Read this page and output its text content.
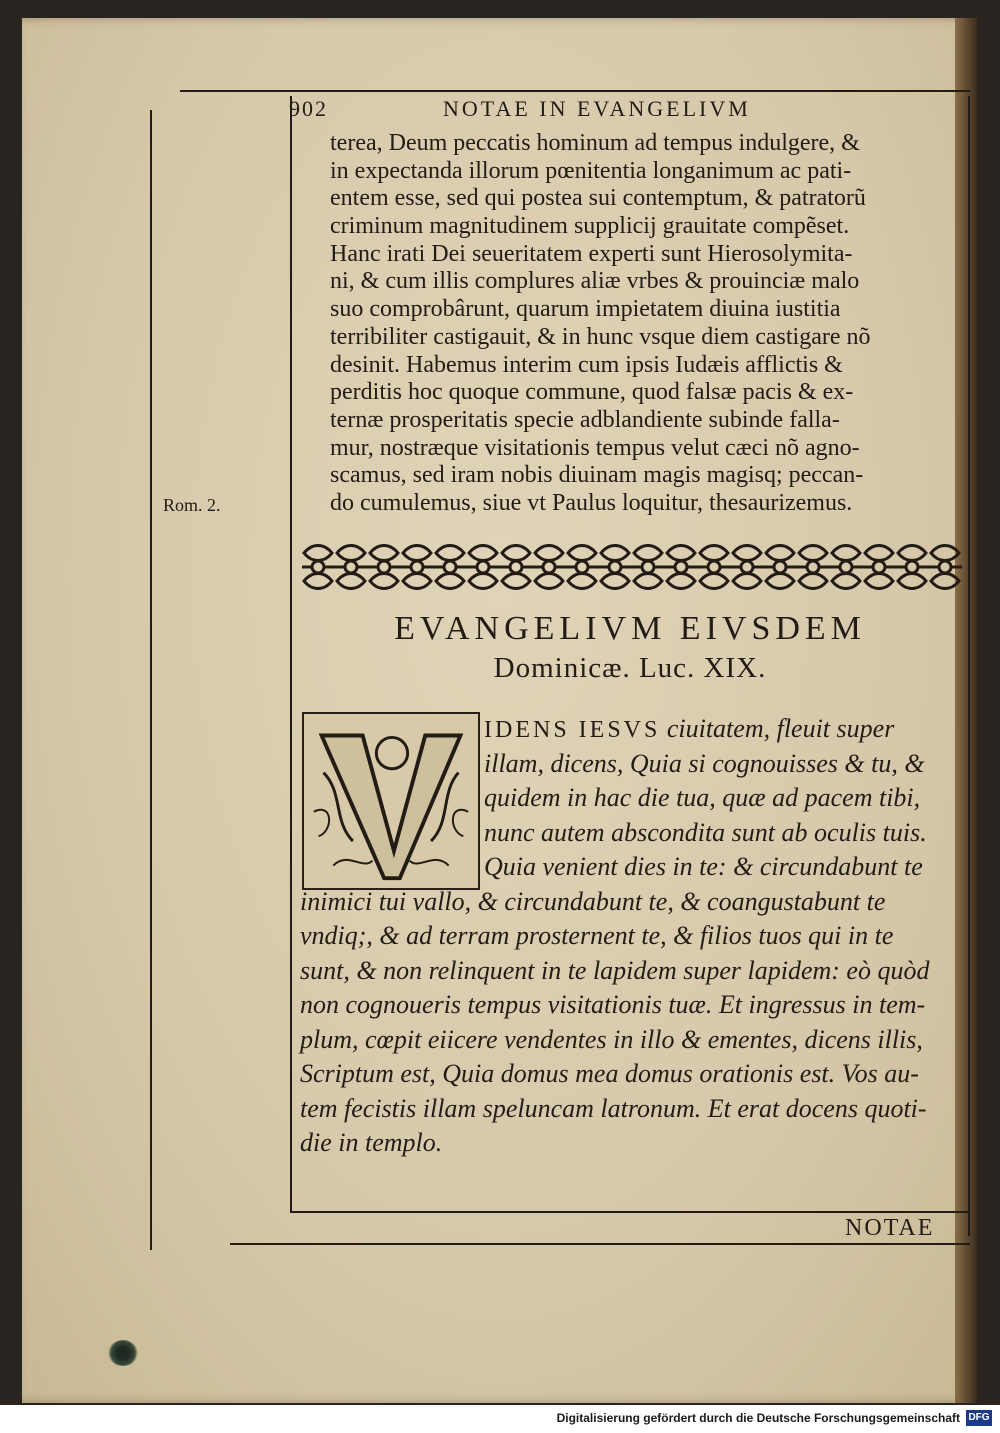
902	NOTAE IN EVANGELIVM
terea, Deum peccatis hominum ad tempus indulgere, &
in expectanda illorum pœnitentia longanimum ac pati-
entem esse, sed qui postea sui contemptum, & patratorũ
criminum magnitudinem supplicij grauitate compẽset.
Hanc irati Dei seueritatem experti sunt Hierosolymita-
ni, & cum illis complures aliæ vrbes & prouinciæ malo
suo comprobârunt, quarum impietatem diuina iustitia
terribiliter castigauit, & in hunc vsque diem castigare nõ
desinit. Habemus interim cum ipsis Iudæis afflictis &
perditis hoc quoque commune, quod falsæ pacis & ex-
ternæ prosperitatis specie adblandiente subinde falla-
mur, nostræque visitationis tempus velut cæci nõ agno-
scamus, sed iram nobis diuinam magis magisq; peccan-
do cumulemus, siue vt Paulus loquitur, thesaurizemus.
Rom. 2.
EVANGELIVM EIVSDEM
Dominicæ. Luc. XIX.
IDENS IESVS ciuitatem, fleuit super
illam, dicens, Quia si cognouisses & tu, &
quidem in hac die tua, quæ ad pacem tibi,
nunc autem abscondita sunt ab oculis tuis.
Quia venient dies in te: & circundabunt te
inimici tui vallo, & circundabunt te, & coangustabunt te
vndiq;, & ad terram prosternent te, & filios tuos qui in te
sunt, & non relinquent in te lapidem super lapidem: eò quòd
non cognoueris tempus visitationis tuæ. Et ingressus in tem-
plum, cœpit eiicere vendentes in illo & ementes, dicens illis,
Scriptum est, Quia domus mea domus orationis est. Vos au-
tem fecistis illam speluncam latronum. Et erat docens quoti-
die in templo.
NOTAE
Digitalisierung gefördert durch die Deutsche Forschungsgemeinschaft DFG
